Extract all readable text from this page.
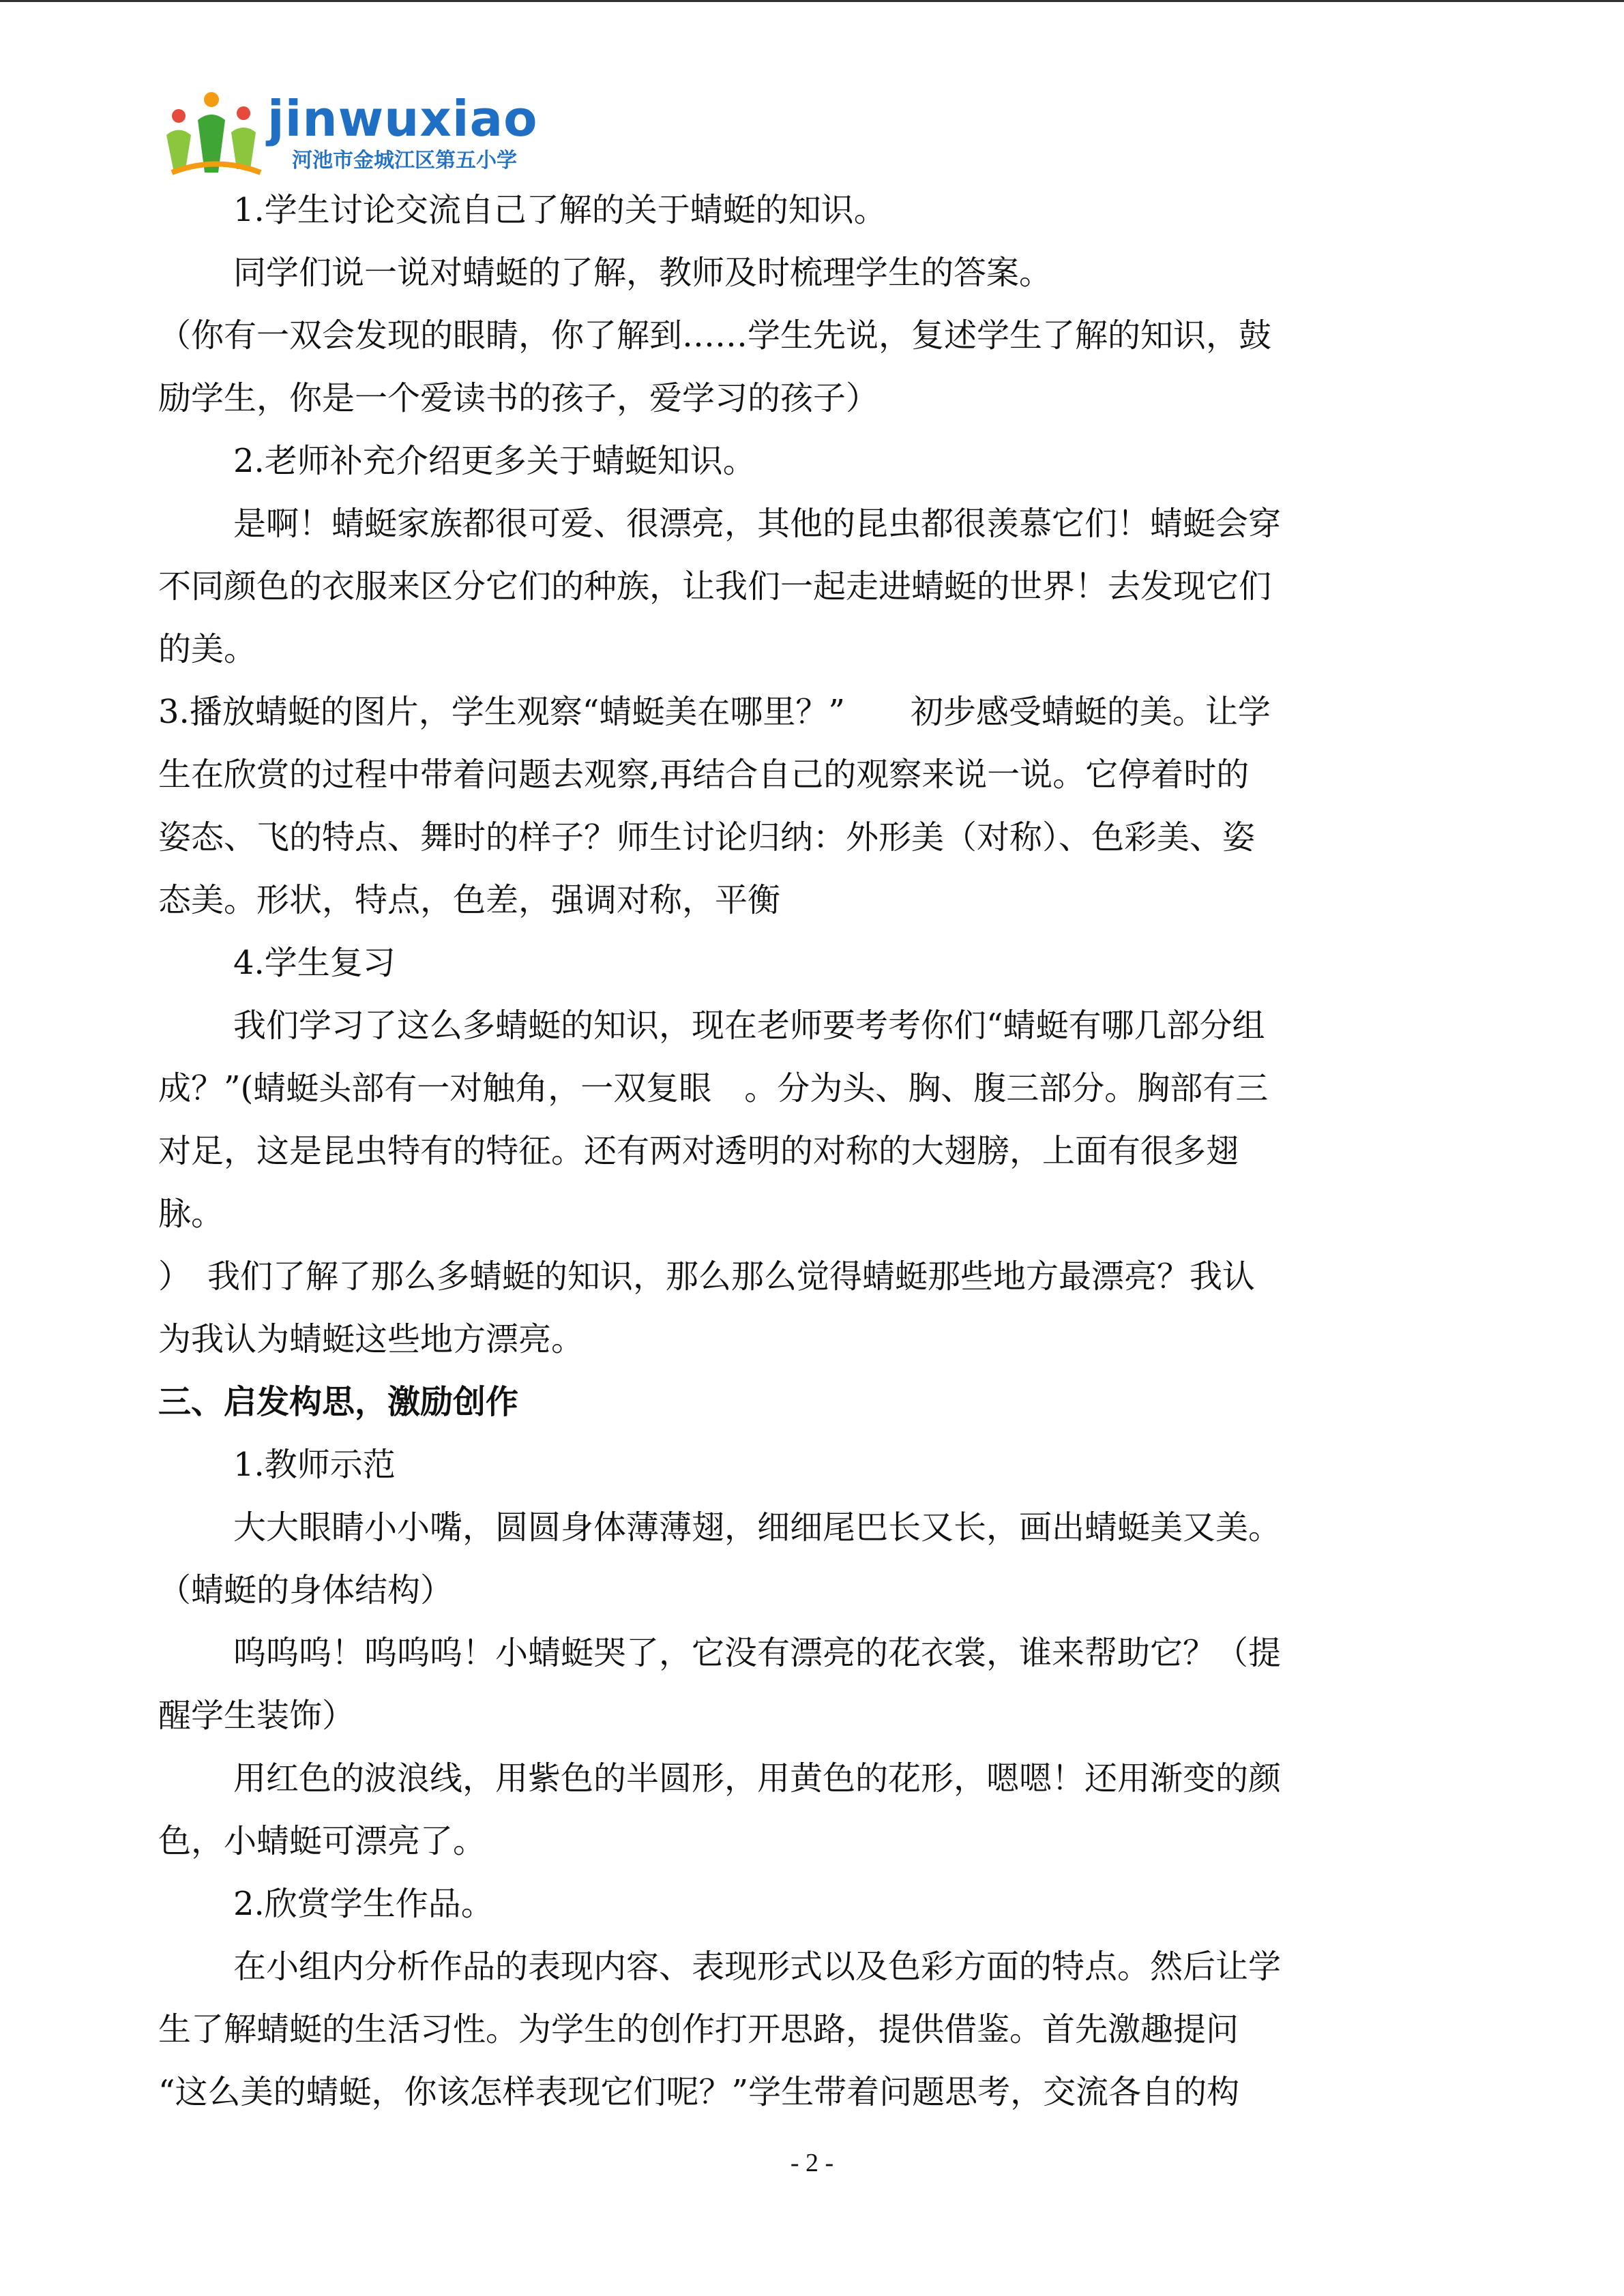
jinwuxiao
河池市金城江区第五小学
1.学生讨论交流自己了解的关于蜻蜓的知识。
同学们说一说对蜻蜓的了解，教师及时梳理学生的答案。
（你有一双会发现的眼睛，你了解到……学生先说，复述学生了解的知识，鼓
励学生，你是一个爱读书的孩子，爱学习的孩子）
2.老师补充介绍更多关于蜻蜓知识。
是啊！蜻蜓家族都很可爱、很漂亮，其他的昆虫都很羡慕它们！蜻蜓会穿
不同颜色的衣服来区分它们的种族，让我们一起走进蜻蜓的世界！去发现它们
的美。
3.播放蜻蜓的图片，学生观察“蜻蜓美在哪里？”　　初步感受蜻蜓的美。让学
生在欣赏的过程中带着问题去观察,再结合自己的观察来说一说。它停着时的
姿态、飞的特点、舞时的样子？师生讨论归纳：外形美（对称）、色彩美、姿
态美。形状，特点，色差，强调对称，平衡
4.学生复习
我们学习了这么多蜻蜓的知识，现在老师要考考你们“蜻蜓有哪几部分组
成？”(蜻蜓头部有一对触角，一双复眼　。分为头、胸、腹三部分。胸部有三
对足，这是昆虫特有的特征。还有两对透明的对称的大翅膀，上面有很多翅
脉。
）　我们了解了那么多蜻蜓的知识，那么那么觉得蜻蜓那些地方最漂亮？我认
为我认为蜻蜓这些地方漂亮。
三、启发构思，激励创作
1.教师示范
大大眼睛小小嘴，圆圆身体薄薄翅，细细尾巴长又长，画出蜻蜓美又美。
（蜻蜓的身体结构）
呜呜呜！呜呜呜！小蜻蜓哭了，它没有漂亮的花衣裳，谁来帮助它？（提
醒学生装饰）
用红色的波浪线，用紫色的半圆形，用黄色的花形，嗯嗯！还用渐变的颜
色，小蜻蜓可漂亮了。
2.欣赏学生作品。
在小组内分析作品的表现内容、表现形式以及色彩方面的特点。然后让学
生了解蜻蜓的生活习性。为学生的创作打开思路，提供借鉴。首先激趣提问
“这么美的蜻蜓，你该怎样表现它们呢？”学生带着问题思考，交流各自的构
- 2 -
